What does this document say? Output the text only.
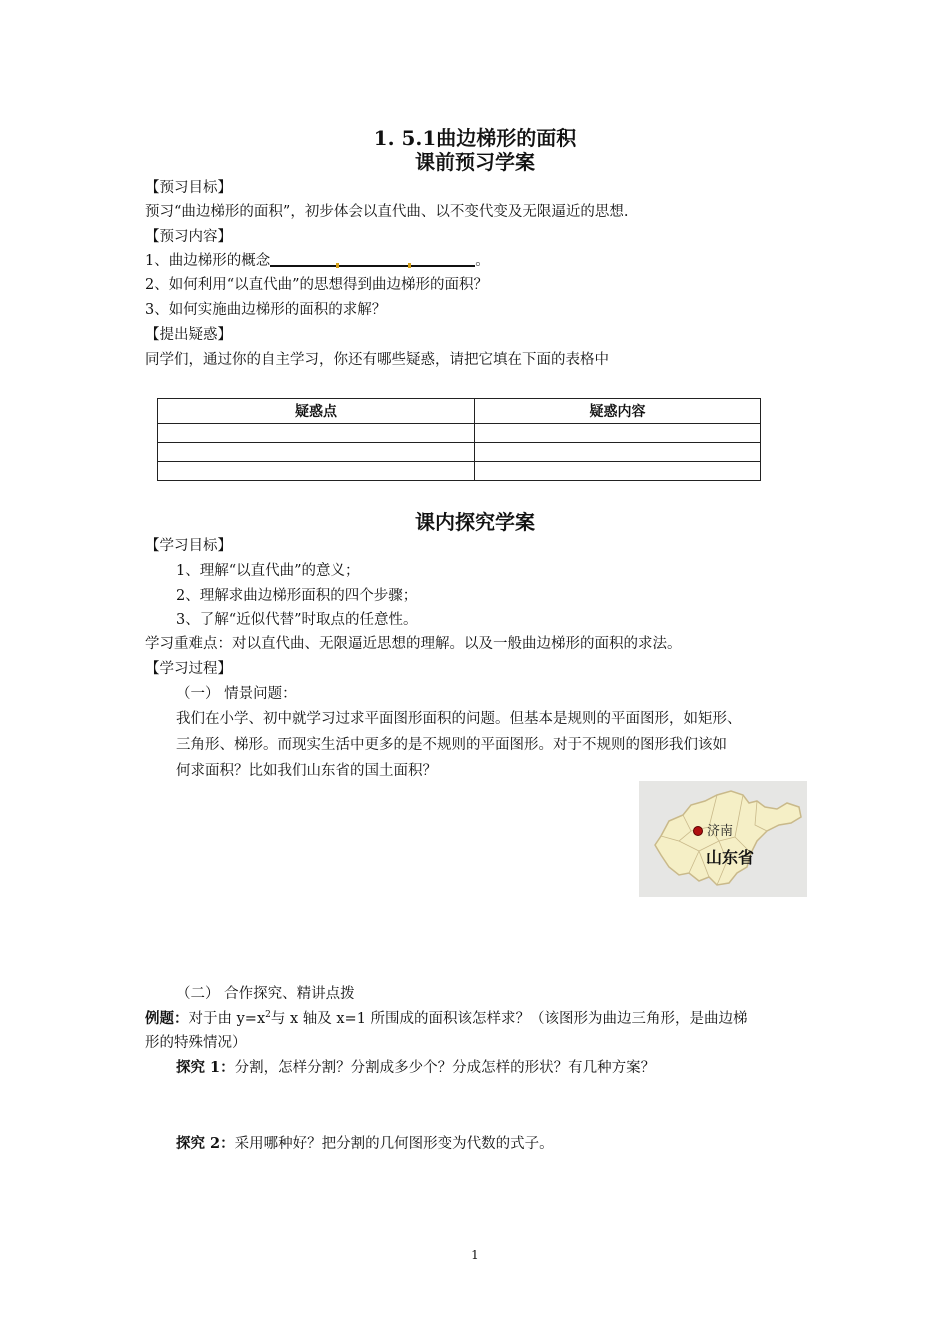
1. 5.1曲边梯形的面积
课前预习学案
【预习目标】
预习“曲边梯形的面积”，初步体会以直代曲、以不变代变及无限逼近的思想.
【预习内容】
1、曲边梯形的概念	。
2、如何利用“以直代曲”的思想得到曲边梯形的面积？
3、如何实施曲边梯形的面积的求解？
【提出疑惑】
同学们，通过你的自主学习，你还有哪些疑惑，请把它填在下面的表格中
疑惑点	疑惑内容

课内探究学案
【学习目标】
1、理解“以直代曲”的意义；
2、理解求曲边梯形面积的四个步骤；
3、了解“近似代替”时取点的任意性。
学习重难点：对以直代曲、无限逼近思想的理解。以及一般曲边梯形的面积的求法。
【学习过程】
（一） 情景问题：
我们在小学、初中就学习过求平面图形面积的问题。但基本是规则的平面图形，如矩形、
三角形、梯形。而现实生活中更多的是不规则的平面图形。对于不规则的图形我们该如
何求面积？比如我们山东省的国土面积？
济南
山东省
（二） 合作探究、精讲点拨
例题：对于由 $y=x^2$与 x 轴及 x=1 所围成的面积该怎样求？（该图形为曲边三角形，是曲边梯
形的特殊情况）
探究 1：分割，怎样分割？分割成多少个？分成怎样的形状？有几种方案？
探究 2：采用哪种好？把分割的几何图形变为代数的式子。
1
